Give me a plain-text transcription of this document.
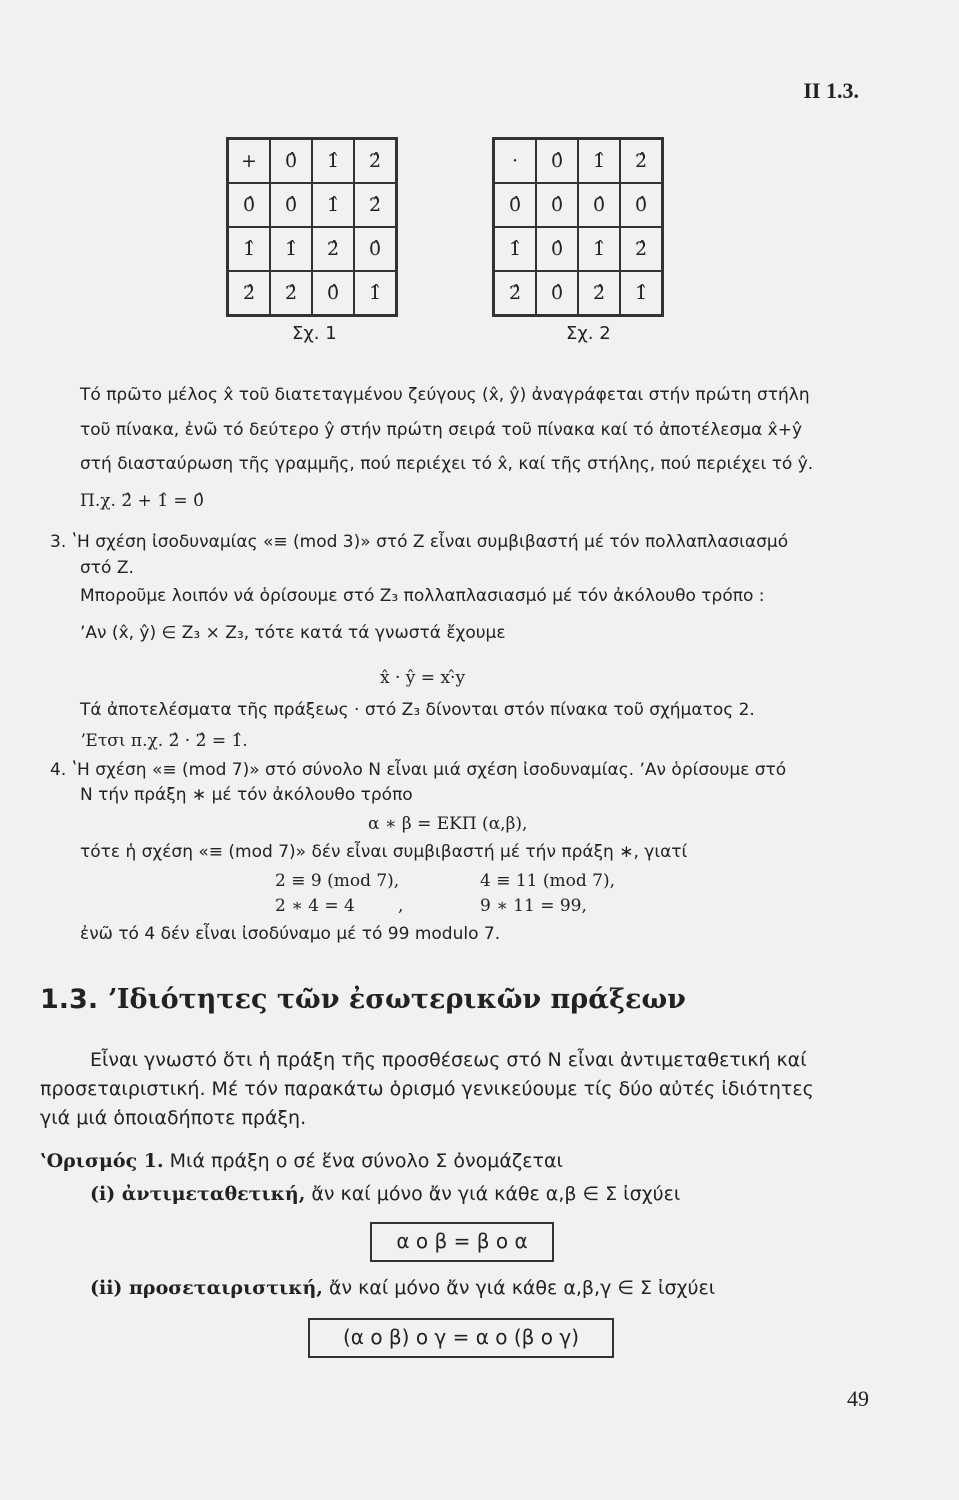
II 1.3.
+	0̂	1̂	2̂
0̂	0̂	1̂	2̂
1̂	1̂	2̂	0̂
2̂	2̂	0̂	1̂
Σχ. 1
·	0̂	1̂	2̂
0̂	0̂	0̂	0̂
1̂	0̂	1̂	2̂
2̂	0̂	2̂	1̂
Σχ. 2
Τό πρῶτο μέλος x̂ τοῦ διατεταγμένου ζεύγους (x̂, ŷ) ἀναγράφεται στήν πρώτη στήλη
τοῦ πίνακα, ἐνῶ τό δεύτερο ŷ στήν πρώτη σειρά τοῦ πίνακα καί τό ἀποτέλεσμα x̂+ŷ
στή διασταύρωση τῆς γραμμῆς, πού περιέχει τό x̂, καί τῆς στήλης, πού περιέχει τό ŷ.
Π.χ. 2̂ + 1̂ = 0̂
3. ʽΗ σχέση ἰσοδυναμίας «≡ (mod 3)» στό Z εἶναι συμβιβαστή μέ τόν πολλαπλασιασμό
στό Z.
Μποροῦμε λοιπόν νά ὁρίσουμε στό Z₃ πολλαπλασιασμό μέ τόν ἀκόλουθο τρόπο :
ʼΑν (x̂, ŷ) ∈ Z₃ × Z₃, τότε κατά τά γνωστά ἔχουμε
x̂ · ŷ = x·̂y
Τά ἀποτελέσματα τῆς πράξεως · στό Z₃ δίνονται στόν πίνακα τοῦ σχήματος 2.
ʼΕτσι π.χ. 2̂ · 2̂ = 1̂.
4. ʽΗ σχέση «≡ (mod 7)» στό σύνολο N εἶναι μιά σχέση ἰσοδυναμίας. ʼΑν ὁρίσουμε στό
N τήν πράξη ∗ μέ τόν ἀκόλουθο τρόπο
α ∗ β = ΕΚΠ (α,β),
τότε ἡ σχέση «≡ (mod 7)» δέν εἶναι συμβιβαστή μέ τήν πράξη ∗, γιατί
2 ≡ 9 (mod 7),	4 ≡ 11 (mod 7),
2 ∗ 4 = 4	,	9 ∗ 11 = 99,
ἐνῶ τό 4 δέν εἶναι ἰσοδύναμο μέ τό 99 modulo 7.
1.3. ʼΙδιότητες τῶν ἐσωτερικῶν πράξεων
Εἶναι γνωστό ὅτι ἡ πράξη τῆς προσθέσεως στό N εἶναι ἀντιμεταθετική καί
προσεταιριστική. Μέ τόν παρακάτω ὁρισμό γενικεύουμε τίς δύο αὐτές ἰδιότητες
γιά μιά ὁποιαδήποτε πράξη.
ʽΟρισμός 1. Μιά πράξη ο σέ ἕνα σύνολο Σ ὀνομάζεται
(i) ἀντιμεταθετική, ἄν καί μόνο ἄν γιά κάθε α,β ∈ Σ ἰσχύει
α ο β = β ο α
(ii) προσεταιριστική, ἄν καί μόνο ἄν γιά κάθε α,β,γ ∈ Σ ἰσχύει
(α ο β) ο γ = α ο (β ο γ)
49
